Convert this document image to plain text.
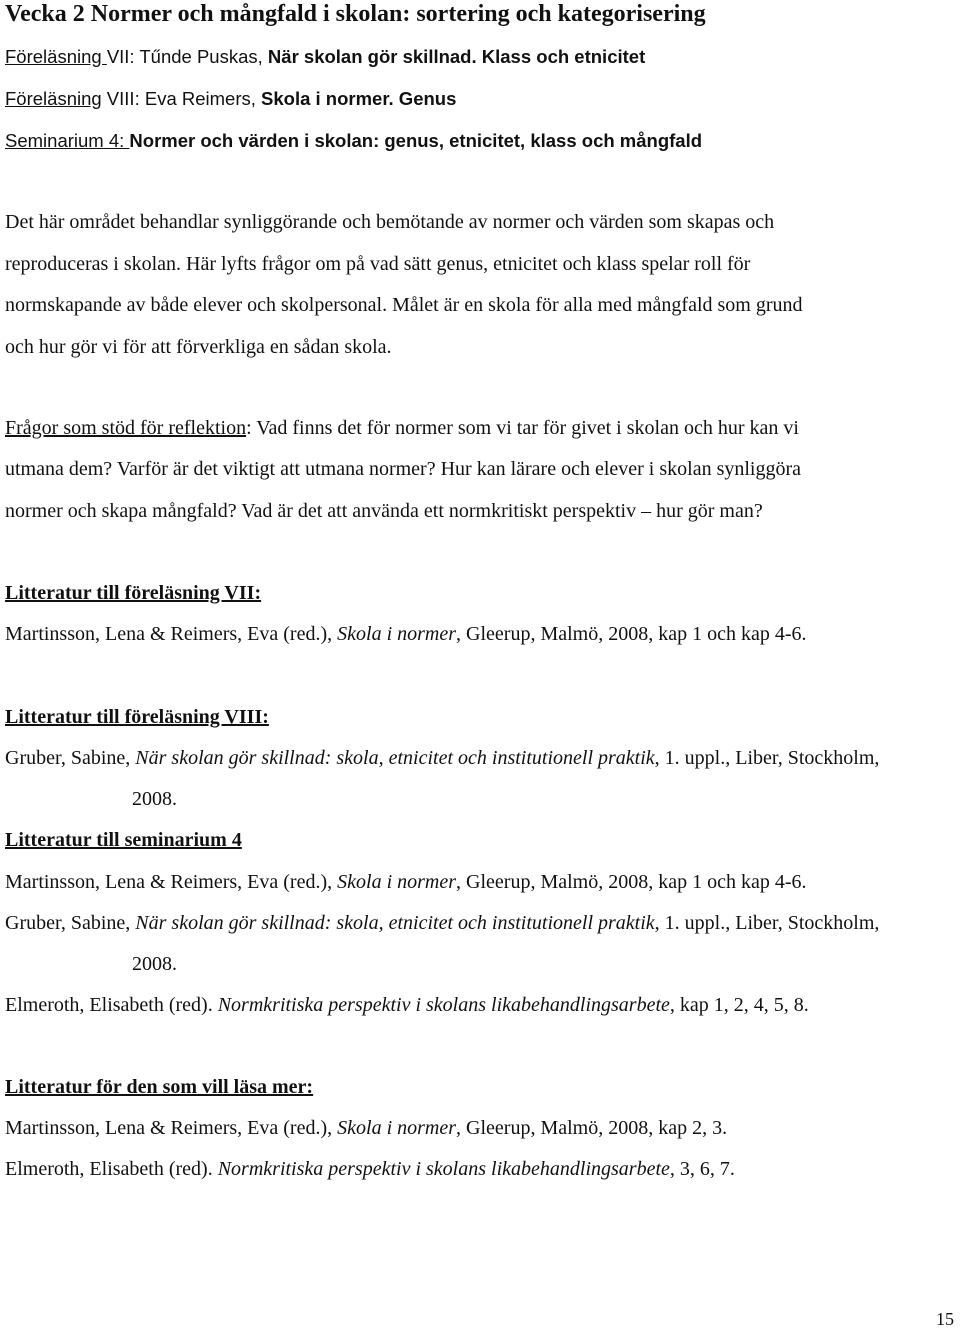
Vecka 2 Normer och mångfald i skolan: sortering och kategorisering
Föreläsning VII: Tűnde Puskas, När skolan gör skillnad. Klass och etnicitet
Föreläsning VIII: Eva Reimers, Skola i normer. Genus
Seminarium 4: Normer och värden i skolan: genus, etnicitet, klass och mångfald
Det här området behandlar synliggörande och bemötande av normer och värden som skapas och
reproduceras i skolan. Här lyfts frågor om på vad sätt genus, etnicitet och klass spelar roll för
normskapande av både elever och skolpersonal. Målet är en skola för alla med mångfald som grund
och hur gör vi för att förverkliga en sådan skola.
Frågor som stöd för reflektion: Vad finns det för normer som vi tar för givet i skolan och hur kan vi
utmana dem? Varför är det viktigt att utmana normer? Hur kan lärare och elever i skolan synliggöra
normer och skapa mångfald? Vad är det att använda ett normkritiskt perspektiv – hur gör man?
Litteratur till föreläsning VII:
Martinsson, Lena & Reimers, Eva (red.), Skola i normer, Gleerup, Malmö, 2008, kap 1 och kap 4-6.
Litteratur till föreläsning VIII:
Gruber, Sabine, När skolan gör skillnad: skola, etnicitet och institutionell praktik, 1. uppl., Liber, Stockholm,
2008.
Litteratur till seminarium 4
Martinsson, Lena & Reimers, Eva (red.), Skola i normer, Gleerup, Malmö, 2008, kap 1 och kap 4-6.
Gruber, Sabine, När skolan gör skillnad: skola, etnicitet och institutionell praktik, 1. uppl., Liber, Stockholm,
2008.
Elmeroth, Elisabeth (red). Normkritiska perspektiv i skolans likabehandlingsarbete, kap 1, 2, 4, 5, 8.
Litteratur för den som vill läsa mer:
Martinsson, Lena & Reimers, Eva (red.), Skola i normer, Gleerup, Malmö, 2008, kap 2, 3.
Elmeroth, Elisabeth (red). Normkritiska perspektiv i skolans likabehandlingsarbete, 3, 6, 7.
15
